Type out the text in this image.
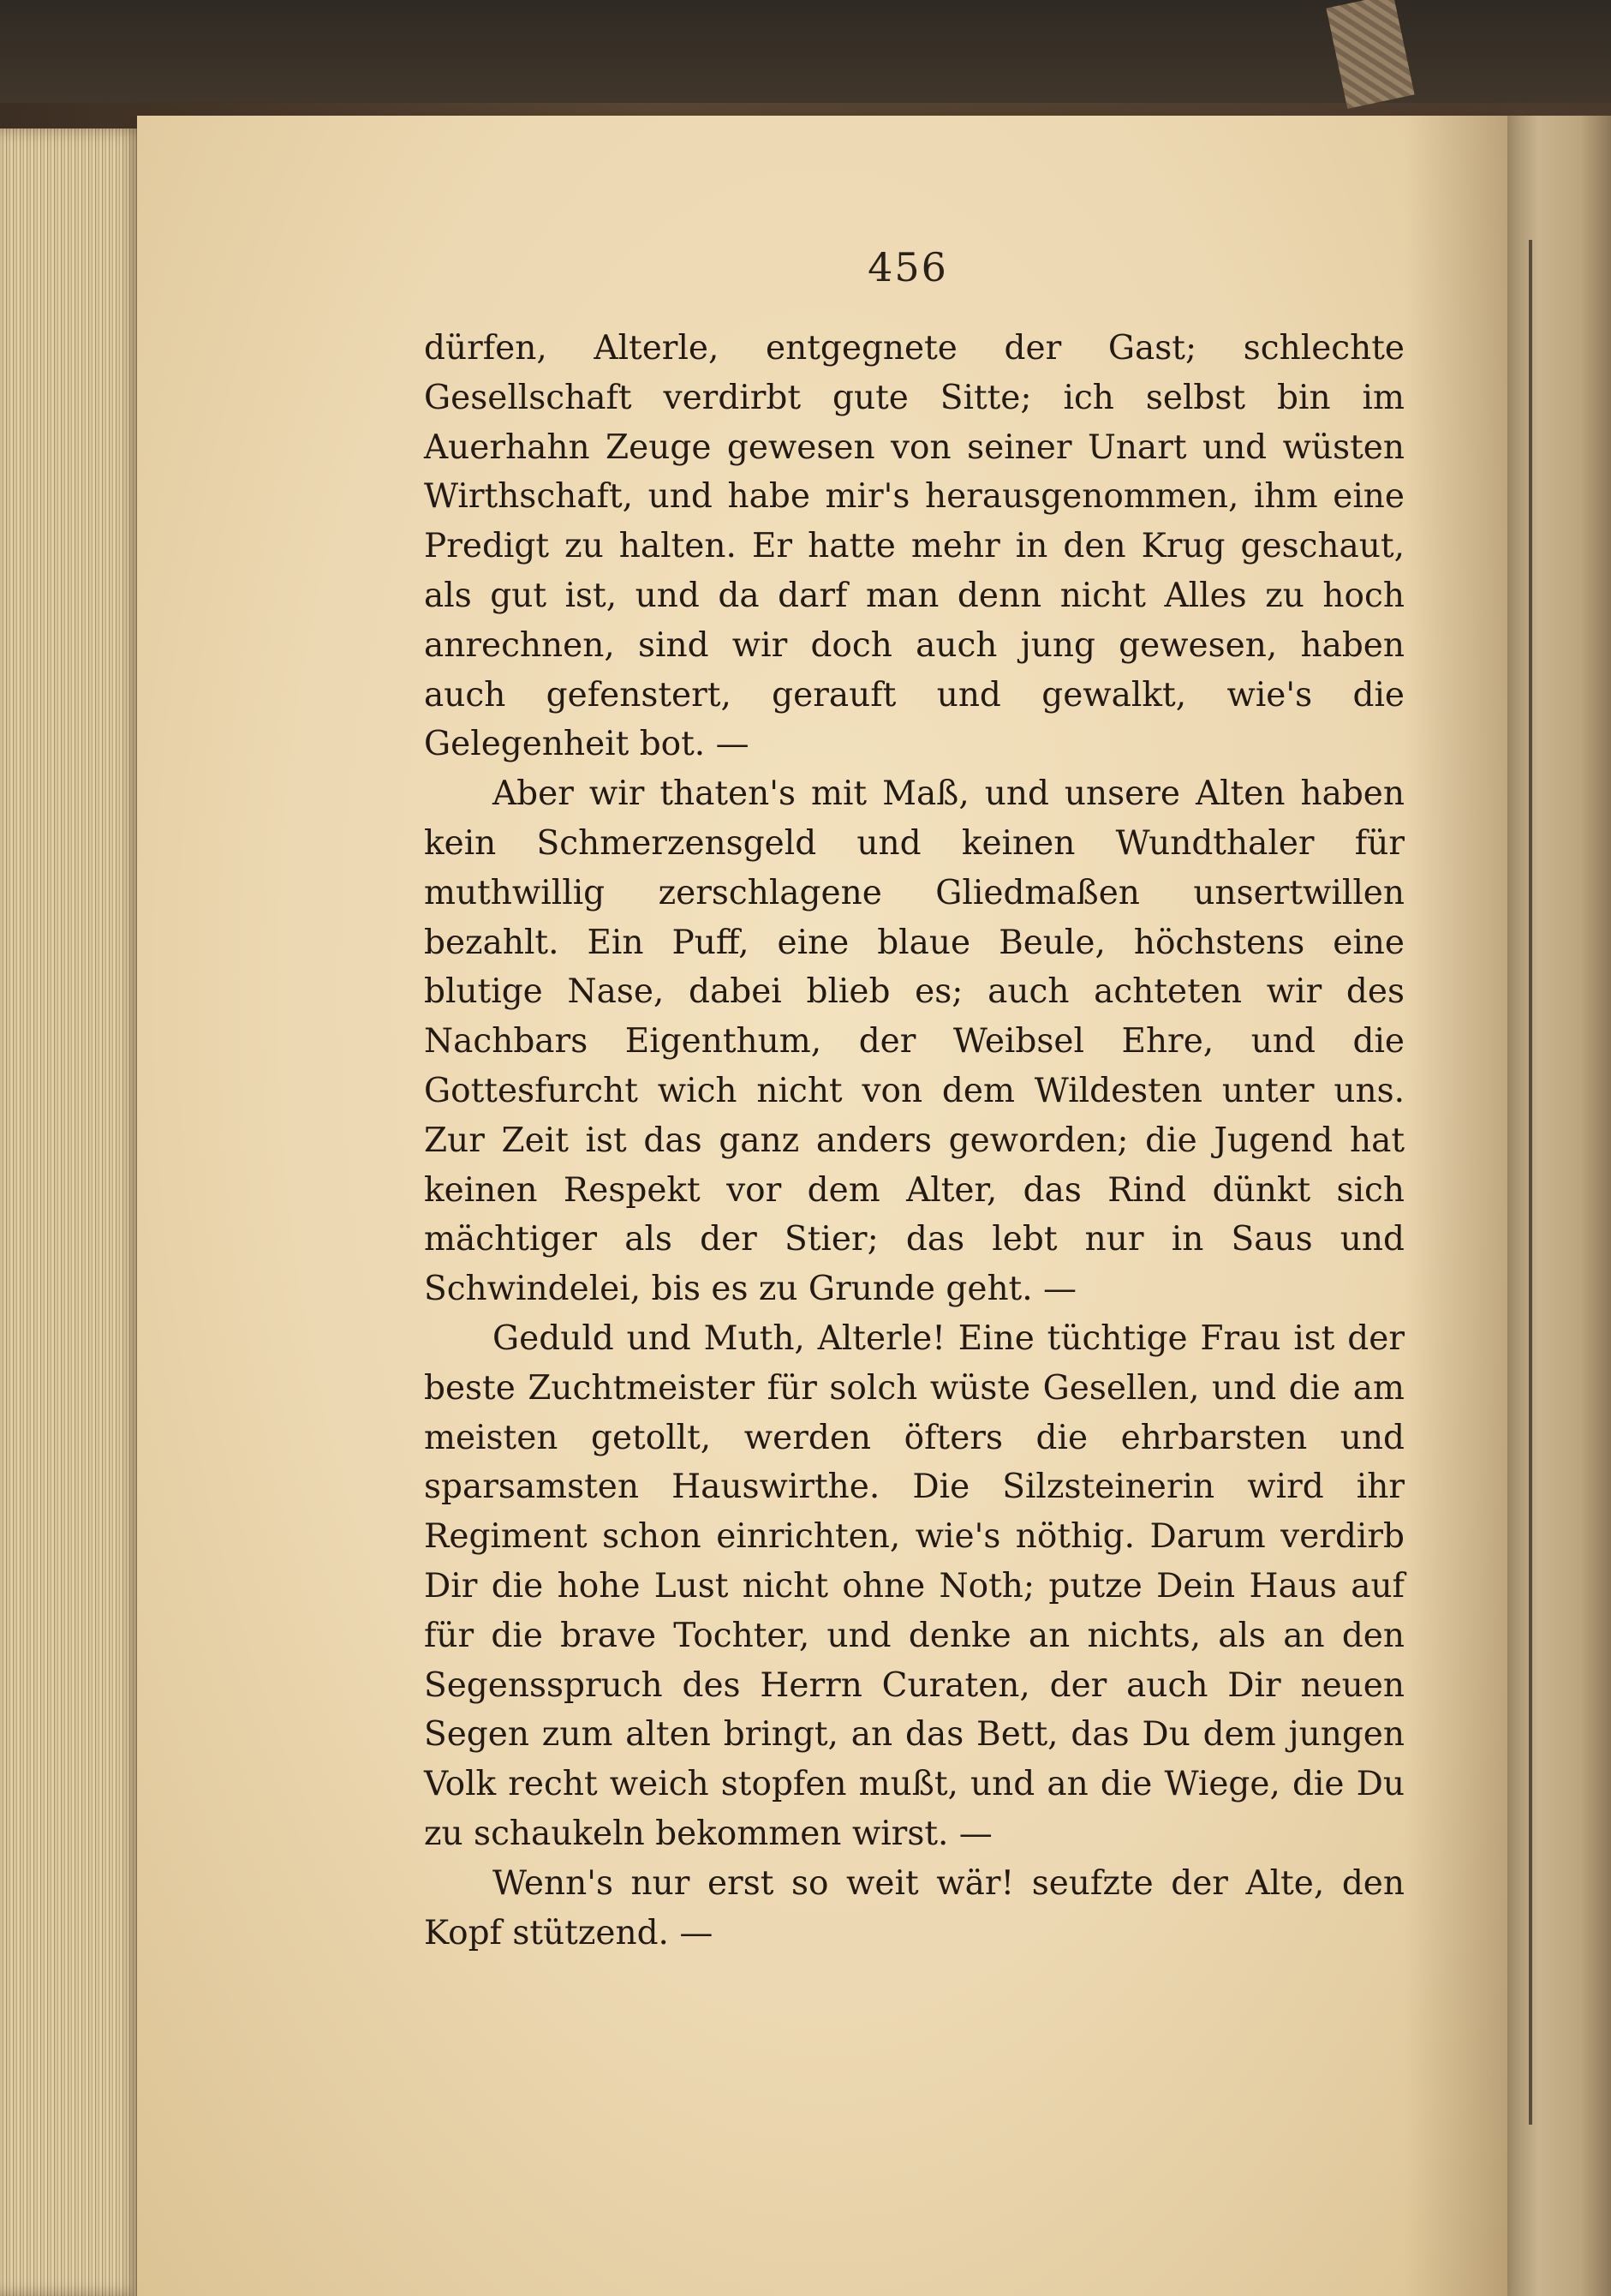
456

dürfen, Alterle, entgegnete der Gast; schlechte Gesellschaft verdirbt gute Sitte; ich selbst bin im Auerhahn Zeuge gewesen von seiner Unart und wüsten Wirthschaft, und habe mir's herausgenommen, ihm eine Predigt zu halten. Er hatte mehr in den Krug geschaut, als gut ist, und da darf man denn nicht Alles zu hoch anrechnen, sind wir doch auch jung gewesen, haben auch gefenstert, gerauft und gewalkt, wie's die Gelegenheit bot. —

Aber wir thaten's mit Maß, und unsere Alten haben kein Schmerzensgeld und keinen Wundthaler für muthwillig zerschlagene Gliedmaßen unsertwillen bezahlt. Ein Puff, eine blaue Beule, höchstens eine blutige Nase, dabei blieb es; auch achteten wir des Nachbars Eigenthum, der Weibsel Ehre, und die Gottesfurcht wich nicht von dem Wildesten unter uns. Zur Zeit ist das ganz anders geworden; die Jugend hat keinen Respekt vor dem Alter, das Rind dünkt sich mächtiger als der Stier; das lebt nur in Saus und Schwindelei, bis es zu Grunde geht. —

Geduld und Muth, Alterle! Eine tüchtige Frau ist der beste Zuchtmeister für solch wüste Gesellen, und die am meisten getollt, werden öfters die ehrbarsten und sparsamsten Hauswirthe. Die Silzsteinerin wird ihr Regiment schon einrichten, wie's nöthig. Darum verdirb Dir die hohe Lust nicht ohne Noth; putze Dein Haus auf für die brave Tochter, und denke an nichts, als an den Segensspruch des Herrn Curaten, der auch Dir neuen Segen zum alten bringt, an das Bett, das Du dem jungen Volk recht weich stopfen mußt, und an die Wiege, die Du zu schaukeln bekommen wirst. —

Wenn's nur erst so weit wär! seufzte der Alte, den Kopf stützend. —
